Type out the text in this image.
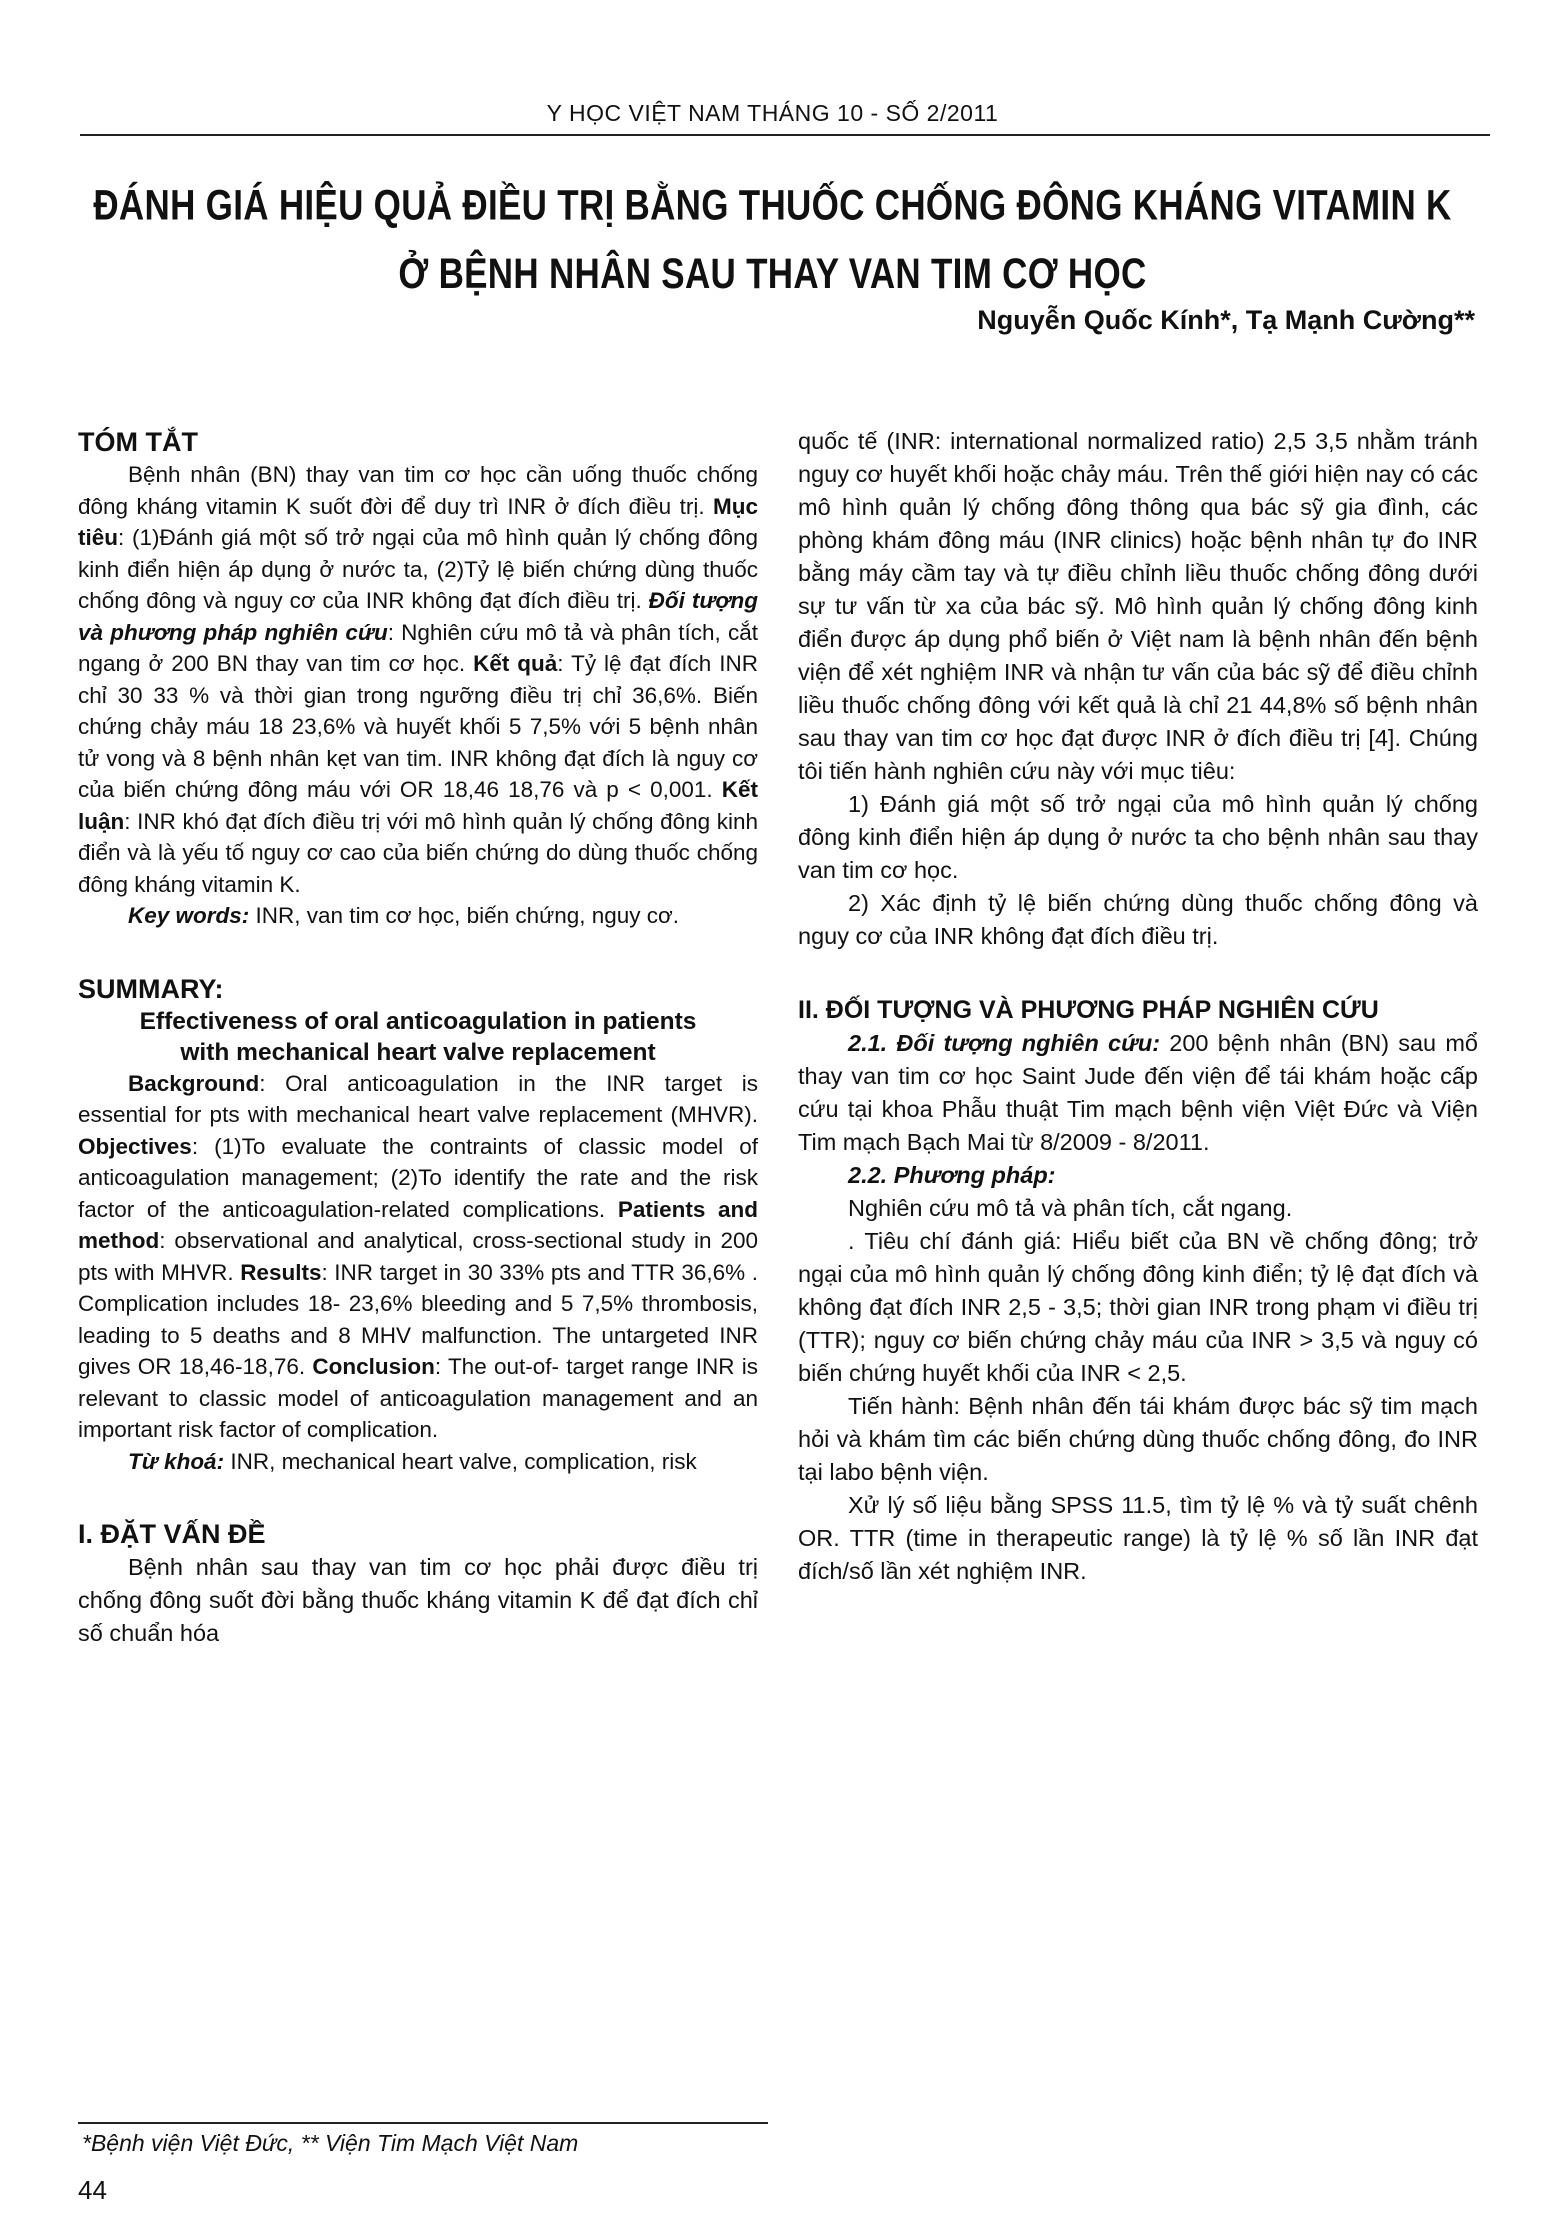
Y HỌC VIỆT NAM THÁNG 10 - SỐ 2/2011
ĐÁNH GIÁ HIỆU QUẢ ĐIỀU TRỊ BẰNG THUỐC CHỐNG ĐÔNG KHÁNG VITAMIN K
Ở BỆNH NHÂN SAU THAY VAN TIM CƠ HỌC
Nguyễn Quốc Kính*, Tạ Mạnh Cường**
TÓM TẮT

Bệnh nhân (BN) thay van tim cơ học cần uống thuốc chống đông kháng vitamin K suốt đời để duy trì INR ở đích điều trị. Mục tiêu: (1)Đánh giá một số trở ngại của mô hình quản lý chống đông kinh điển hiện áp dụng ở nước ta, (2)Tỷ lệ biến chứng dùng thuốc chống đông và nguy cơ của INR không đạt đích điều trị. Đối tượng và phương pháp nghiên cứu: Nghiên cứu mô tả và phân tích, cắt ngang ở 200 BN thay van tim cơ học. Kết quả: Tỷ lệ đạt đích INR chỉ 30 33 % và thời gian trong ngưỡng điều trị chỉ 36,6%. Biến chứng chảy máu 18 23,6% và huyết khối 5 7,5% với 5 bệnh nhân tử vong và 8 bệnh nhân kẹt van tim. INR không đạt đích là nguy cơ của biến chứng đông máu với OR 18,46 18,76 và p < 0,001. Kết luận: INR khó đạt đích điều trị với mô hình quản lý chống đông kinh điển và là yếu tố nguy cơ cao của biến chứng do dùng thuốc chống đông kháng vitamin K.

Key words: INR, van tim cơ học, biến chứng, nguy cơ.

SUMMARY:

Effectiveness of oral anticoagulation in patients

with mechanical heart valve replacement

Background: Oral anticoagulation in the INR target is essential for pts with mechanical heart valve replacement (MHVR). Objectives: (1)To evaluate the contraints of classic model of anticoagulation management; (2)To identify the rate and the risk factor of the anticoagulation-related complications. Patients and method: observational and analytical, cross-sectional study in 200 pts with MHVR. Results: INR target in 30 33% pts and TTR 36,6% . Complication includes 18- 23,6% bleeding and 5 7,5% thrombosis, leading to 5 deaths and 8 MHV malfunction. The untargeted INR gives OR 18,46-18,76. Conclusion: The out-of- target range INR is relevant to classic model of anticoagulation management and an important risk factor of complication.

Từ khoá: INR, mechanical heart valve, complication, risk

I. ĐẶT VẤN ĐỀ

Bệnh nhân sau thay van tim cơ học phải được điều trị chống đông suốt đời bằng thuốc kháng vitamin K để đạt đích chỉ số chuẩn hóa

quốc tế (INR: international normalized ratio) 2,5 3,5 nhằm tránh nguy cơ huyết khối hoặc chảy máu. Trên thế giới hiện nay có các mô hình quản lý chống đông thông qua bác sỹ gia đình, các phòng khám đông máu (INR clinics) hoặc bệnh nhân tự đo INR bằng máy cầm tay và tự điều chỉnh liều thuốc chống đông dưới sự tư vấn từ xa của bác sỹ. Mô hình quản lý chống đông kinh điển được áp dụng phổ biến ở Việt nam là bệnh nhân đến bệnh viện để xét nghiệm INR và nhận tư vấn của bác sỹ để điều chỉnh liều thuốc chống đông với kết quả là chỉ 21 44,8% số bệnh nhân sau thay van tim cơ học đạt được INR ở đích điều trị [4]. Chúng tôi tiến hành nghiên cứu này với mục tiêu:

1) Đánh giá một số trở ngại của mô hình quản lý chống đông kinh điển hiện áp dụng ở nước ta cho bệnh nhân sau thay van tim cơ học.

2) Xác định tỷ lệ biến chứng dùng thuốc chống đông và nguy cơ của INR không đạt đích điều trị.

II. ĐỐI TƯỢNG VÀ PHƯƠNG PHÁP NGHIÊN CỨU

2.1. Đối tượng nghiên cứu: 200 bệnh nhân (BN) sau mổ thay van tim cơ học Saint Jude đến viện để tái khám hoặc cấp cứu tại khoa Phẫu thuật Tim mạch bệnh viện Việt Đức và Viện Tim mạch Bạch Mai từ 8/2009 - 8/2011.

2.2. Phương pháp:

Nghiên cứu mô tả và phân tích, cắt ngang.

. Tiêu chí đánh giá: Hiểu biết của BN về chống đông; trở ngại của mô hình quản lý chống đông kinh điển; tỷ lệ đạt đích và không đạt đích INR 2,5 - 3,5; thời gian INR trong phạm vi điều trị (TTR); nguy cơ biến chứng chảy máu của INR > 3,5 và nguy có biến chứng huyết khối của INR < 2,5.

Tiến hành: Bệnh nhân đến tái khám được bác sỹ tim mạch hỏi và khám tìm các biến chứng dùng thuốc chống đông, đo INR tại labo bệnh viện.

Xử lý số liệu bằng SPSS 11.5, tìm tỷ lệ % và tỷ suất chênh OR. TTR (time in therapeutic range) là tỷ lệ % số lần INR đạt đích/số lần xét nghiệm INR.

*Bệnh viện Việt Đức, ** Viện Tim Mạch Việt Nam
44
